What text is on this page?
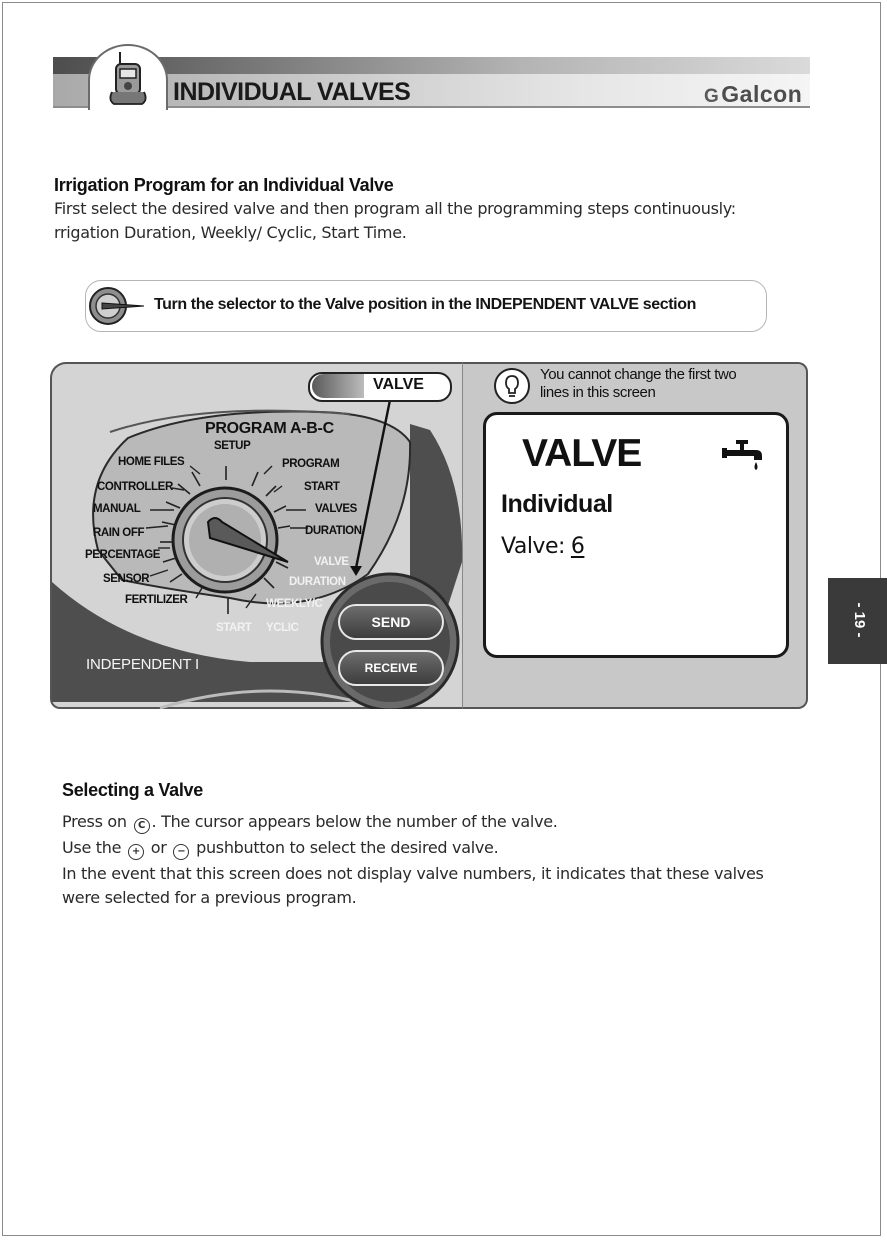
INDIVIDUAL VALVES	GGalcon
Irrigation Program for an Individual Valve
First select the desired valve and then program all the programming steps continuously:
rrigation Duration, Weekly/ Cyclic, Start Time.
Turn the selector to the Valve position in the INDEPENDENT VALVE section
VALVE
PROGRAM A-B-C
SETUP
HOME FILES
CONTROLLER
MANUAL
RAIN OFF
PERCENTAGE
SENSOR
FERTILIZER
PROGRAM
START
VALVES
DURATION
VALVE
DURATION
WEEKLY/C
YCLIC
START
INDEPENDENT I
SEND
RECEIVE
You cannot change the first two
lines in this screen
VALVE
Individual
Valve: 6
- 19 -
Selecting a Valve
Press on C . The cursor appears below the number of the valve.
Use the + or − pushbutton to select the desired valve.
In the event that this screen does not display valve numbers, it indicates that these valves
were selected for a previous program.
